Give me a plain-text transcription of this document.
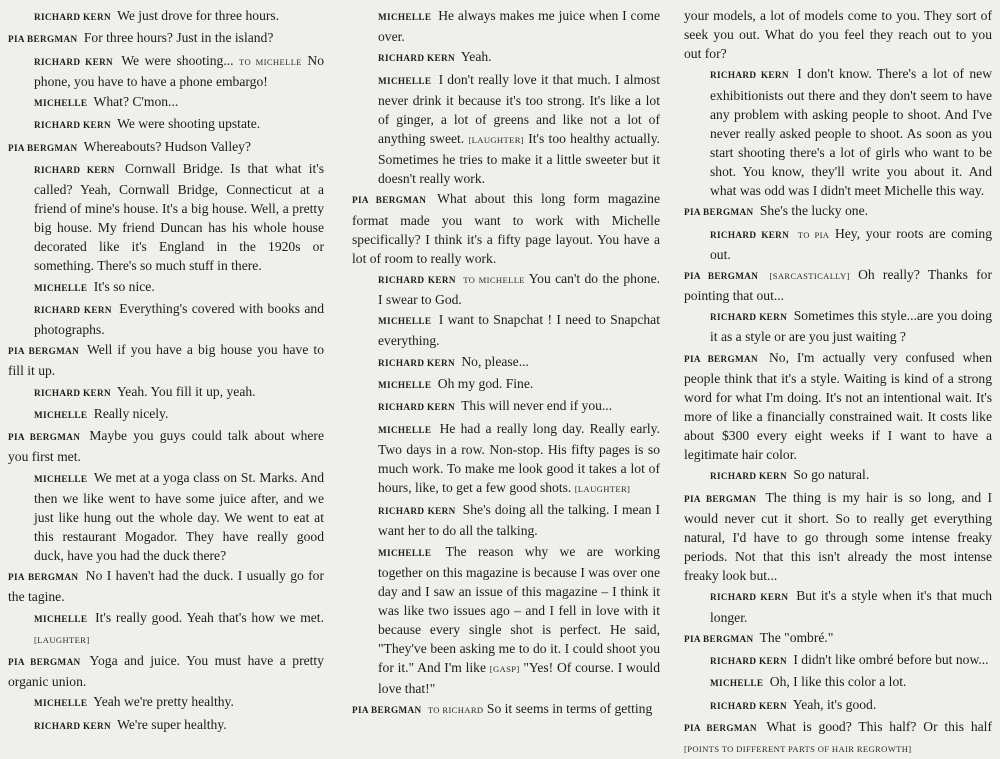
RICHARD KERN We just drove for three hours.

PIA BERGMAN For three hours? Just in the island?

RICHARD KERN We were shooting... TO MICHELLE No phone, you have to have a phone embargo!

MICHELLE What? C'mon...

RICHARD KERN We were shooting upstate.

PIA BERGMAN Whereabouts? Hudson Valley?

RICHARD KERN Cornwall Bridge. Is that what it's called? Yeah, Cornwall Bridge, Connecticut at a friend of mine's house. It's a big house. Well, a pretty big house. My friend Duncan has his whole house decorated like it's England in the 1920s or something. There's so much stuff in there.

MICHELLE It's so nice.

RICHARD KERN Everything's covered with books and photographs.

PIA BERGMAN Well if you have a big house you have to fill it up.

RICHARD KERN Yeah. You fill it up, yeah.

MICHELLE Really nicely.

PIA BERGMAN Maybe you guys could talk about where you first met.

MICHELLE We met at a yoga class on St. Marks. And then we like went to have some juice after, and we just like hung out the whole day. We went to eat at this restaurant Mogador. They have really good duck, have you had the duck there?

PIA BERGMAN No I haven't had the duck. I usually go for the tagine.

MICHELLE It's really good. Yeah that's how we met. [LAUGHTER]

PIA BERGMAN Yoga and juice. You must have a pretty organic union.

MICHELLE Yeah we're pretty healthy.

RICHARD KERN We're super healthy.

MICHELLE He always makes me juice when I come over.

RICHARD KERN Yeah.

MICHELLE I don't really love it that much. I almost never drink it because it's too strong. It's like a lot of ginger, a lot of greens and like not a lot of anything sweet. [LAUGHTER] It's too healthy actually. Sometimes he tries to make it a little sweeter but it doesn't really work.

PIA BERGMAN What about this long form magazine format made you want to work with Michelle specifically? I think it's a fifty page layout. You have a lot of room to really work.

RICHARD KERN TO MICHELLE You can't do the phone. I swear to God.

MICHELLE I want to Snapchat ! I need to Snapchat everything.

RICHARD KERN No, please...

MICHELLE Oh my god. Fine.

RICHARD KERN This will never end if you...

MICHELLE He had a really long day. Really early. Two days in a row. Non-stop. His fifty pages is so much work. To make me look good it takes a lot of hours, like, to get a few good shots. [LAUGHTER]

RICHARD KERN She's doing all the talking. I mean I want her to do all the talking.

MICHELLE The reason why we are working together on this magazine is because I was over one day and I saw an issue of this magazine – I think it was like two issues ago – and I fell in love with it because every single shot is perfect. He said, "They've been asking me to do it. I could shoot you for it." And I'm like [GASP] "Yes! Of course. I would love that!"

PIA BERGMAN TO RICHARD So it seems in terms of getting

your models, a lot of models come to you. They sort of seek you out. What do you feel they reach out to you out for?

RICHARD KERN I don't know. There's a lot of new exhibitionists out there and they don't seem to have any problem with asking people to shoot. And I've never really asked people to shoot. As soon as you start shooting there's a lot of girls who want to be shot. You know, they'll write you about it. And what was odd was I didn't meet Michelle this way.

PIA BERGMAN She's the lucky one.

RICHARD KERN TO PIA Hey, your roots are coming out.

PIA BERGMAN [SARCASTICALLY] Oh really? Thanks for pointing that out...

RICHARD KERN Sometimes this style...are you doing it as a style or are you just waiting ?

PIA BERGMAN No, I'm actually very confused when people think that it's a style. Waiting is kind of a strong word for what I'm doing. It's not an intentional wait. It's more of like a financially constrained wait. It costs like about $300 every eight weeks if I want to have a legitimate hair color.

RICHARD KERN So go natural.

PIA BERGMAN The thing is my hair is so long, and I would never cut it short. So to really get everything natural, I'd have to go through some intense freaky periods. Not that this isn't already the most intense freaky look but...

RICHARD KERN But it's a style when it's that much longer.

PIA BERGMAN The "ombré."

RICHARD KERN I didn't like ombré before but now...

MICHELLE Oh, I like this color a lot.

RICHARD KERN Yeah, it's good.

PIA BERGMAN What is good? This half? Or this half [POINTS TO DIFFERENT PARTS OF HAIR REGROWTH]
